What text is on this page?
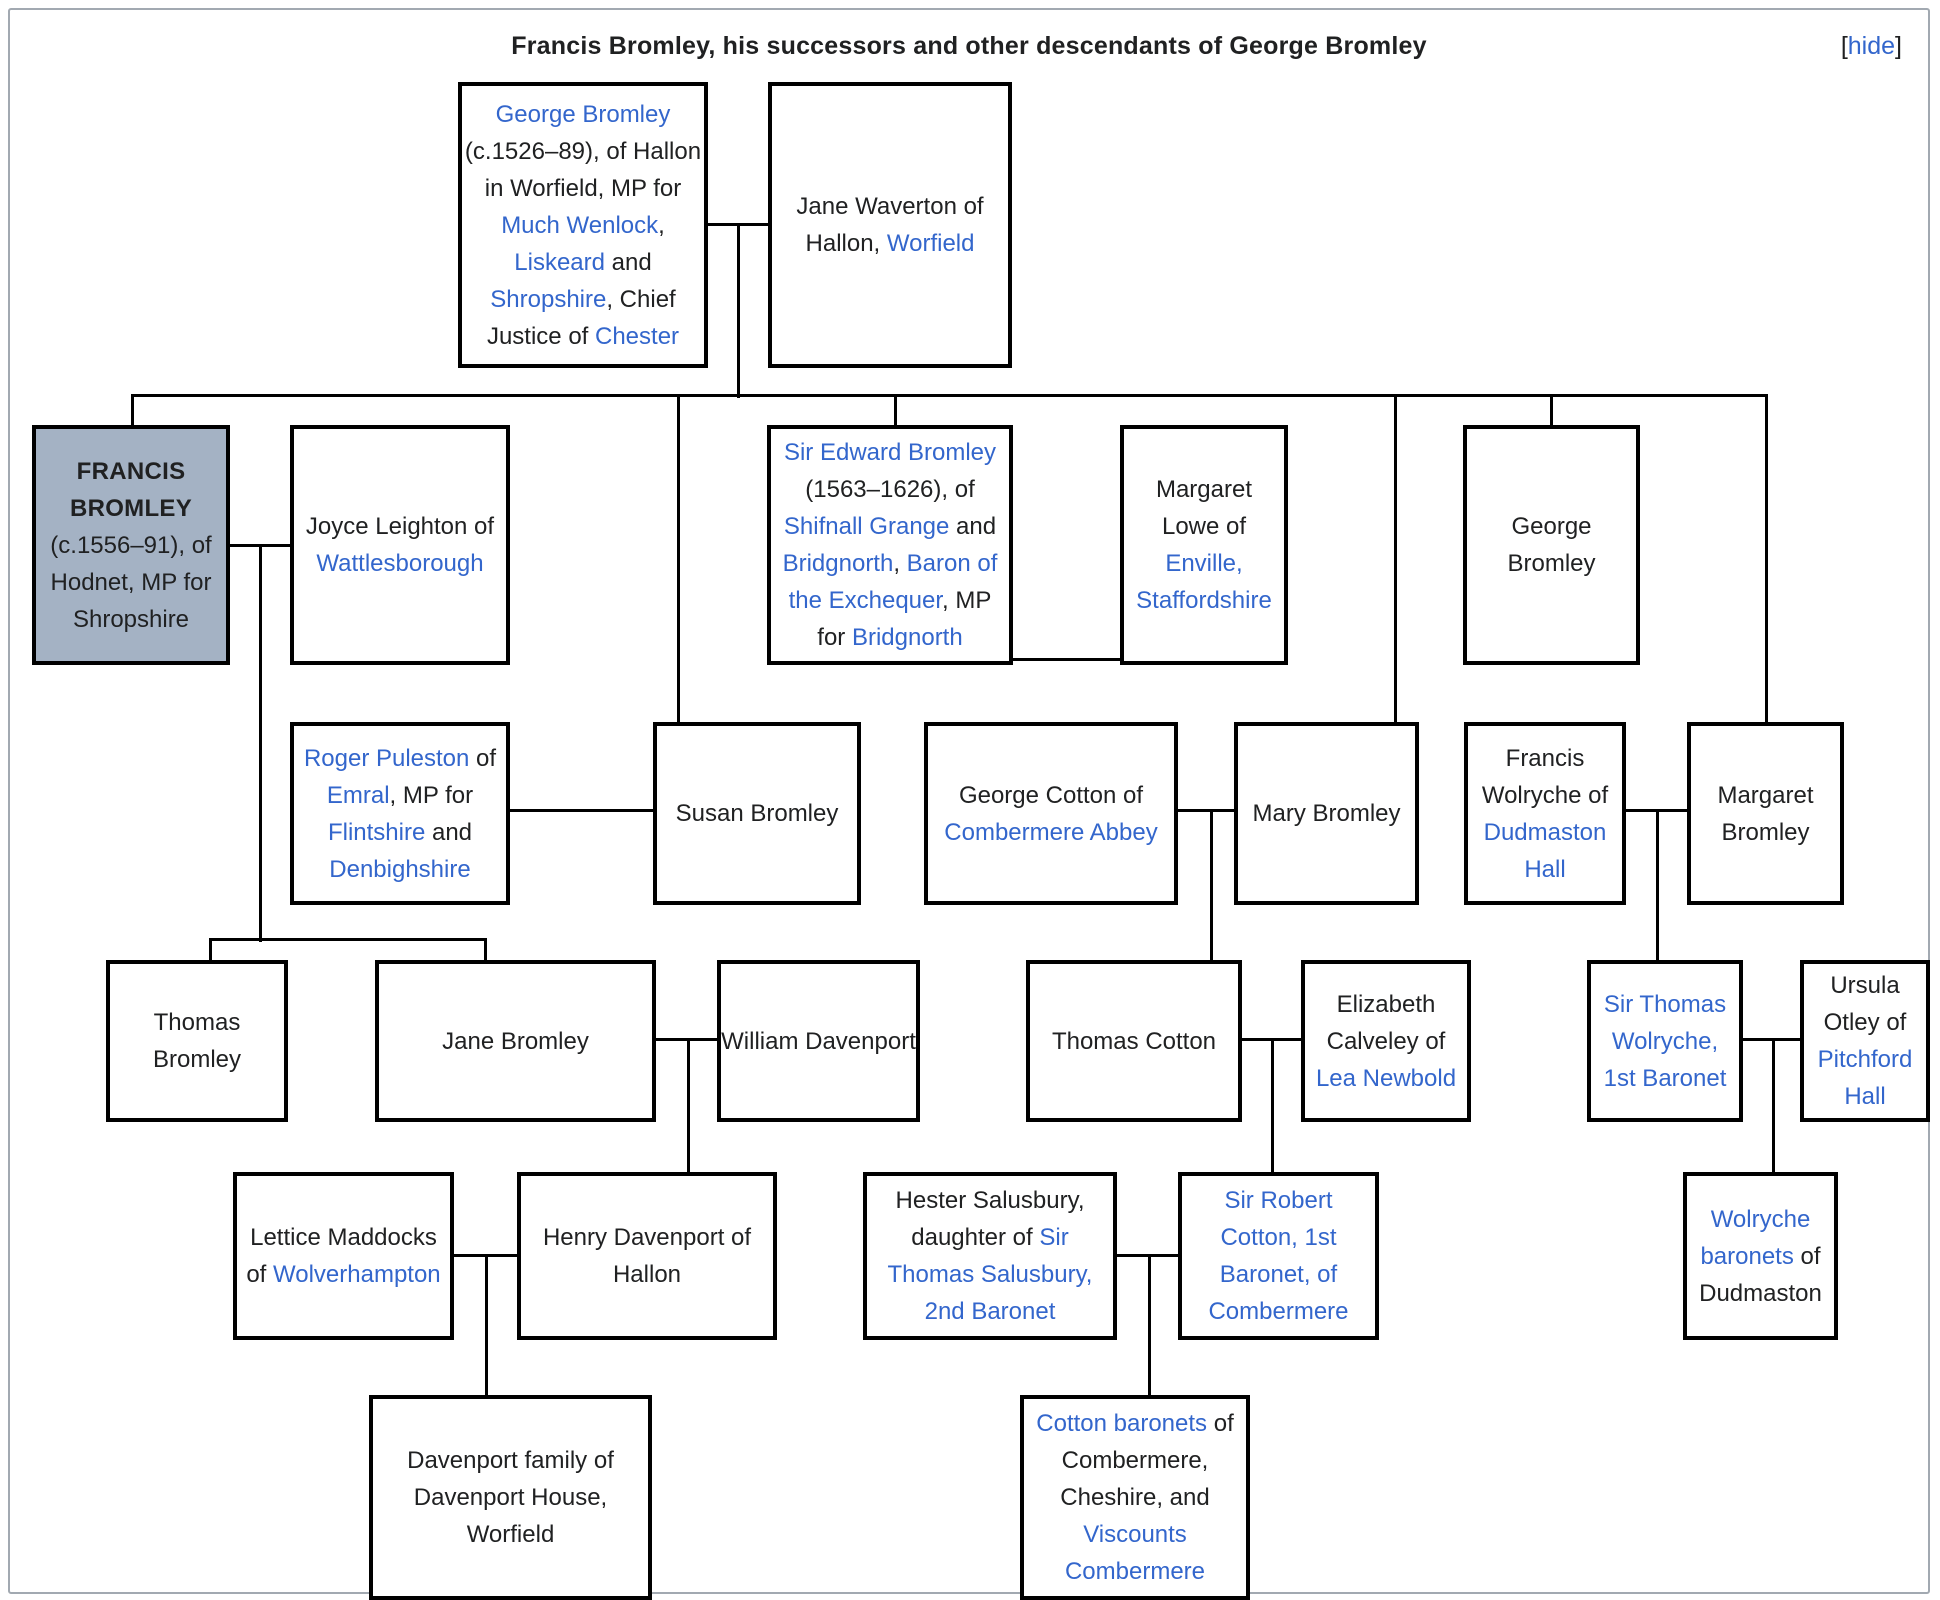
Francis Bromley, his successors and other descendants of George Bromley	[hide]
George Bromley
(c.1526–89), of Hallon
in Worfield, MP for
Much Wenlock,
Liskeard and
Shropshire, Chief
Justice of Chester
Jane Waverton of
Hallon, Worfield
FRANCIS
BROMLEY
(c.1556–91), of
Hodnet, MP for
Shropshire
Joyce Leighton of
Wattlesborough
Sir Edward Bromley
(1563–1626), of
Shifnall Grange and
Bridgnorth, Baron of
the Exchequer, MP
for Bridgnorth
Margaret
Lowe of
Enville,
Staffordshire
George
Bromley
Roger Puleston of
Emral, MP for
Flintshire and
Denbighshire
Susan Bromley
George Cotton of
Combermere Abbey
Mary Bromley
Francis
Wolryche of
Dudmaston
Hall
Margaret
Bromley
Thomas
Bromley
Jane Bromley	William Davenport	Thomas Cotton
Elizabeth
Calveley of
Lea Newbold
Sir Thomas
Wolryche,
1st Baronet
Ursula
Otley of
Pitchford
Hall
Lettice Maddocks
of Wolverhampton
Henry Davenport of
Hallon
Hester Salusbury,
daughter of Sir
Thomas Salusbury,
2nd Baronet
Sir Robert
Cotton, 1st
Baronet, of
Combermere
Wolryche
baronets of
Dudmaston
Davenport family of
Davenport House,
Worfield
Cotton baronets of
Combermere,
Cheshire, and
Viscounts
Combermere
